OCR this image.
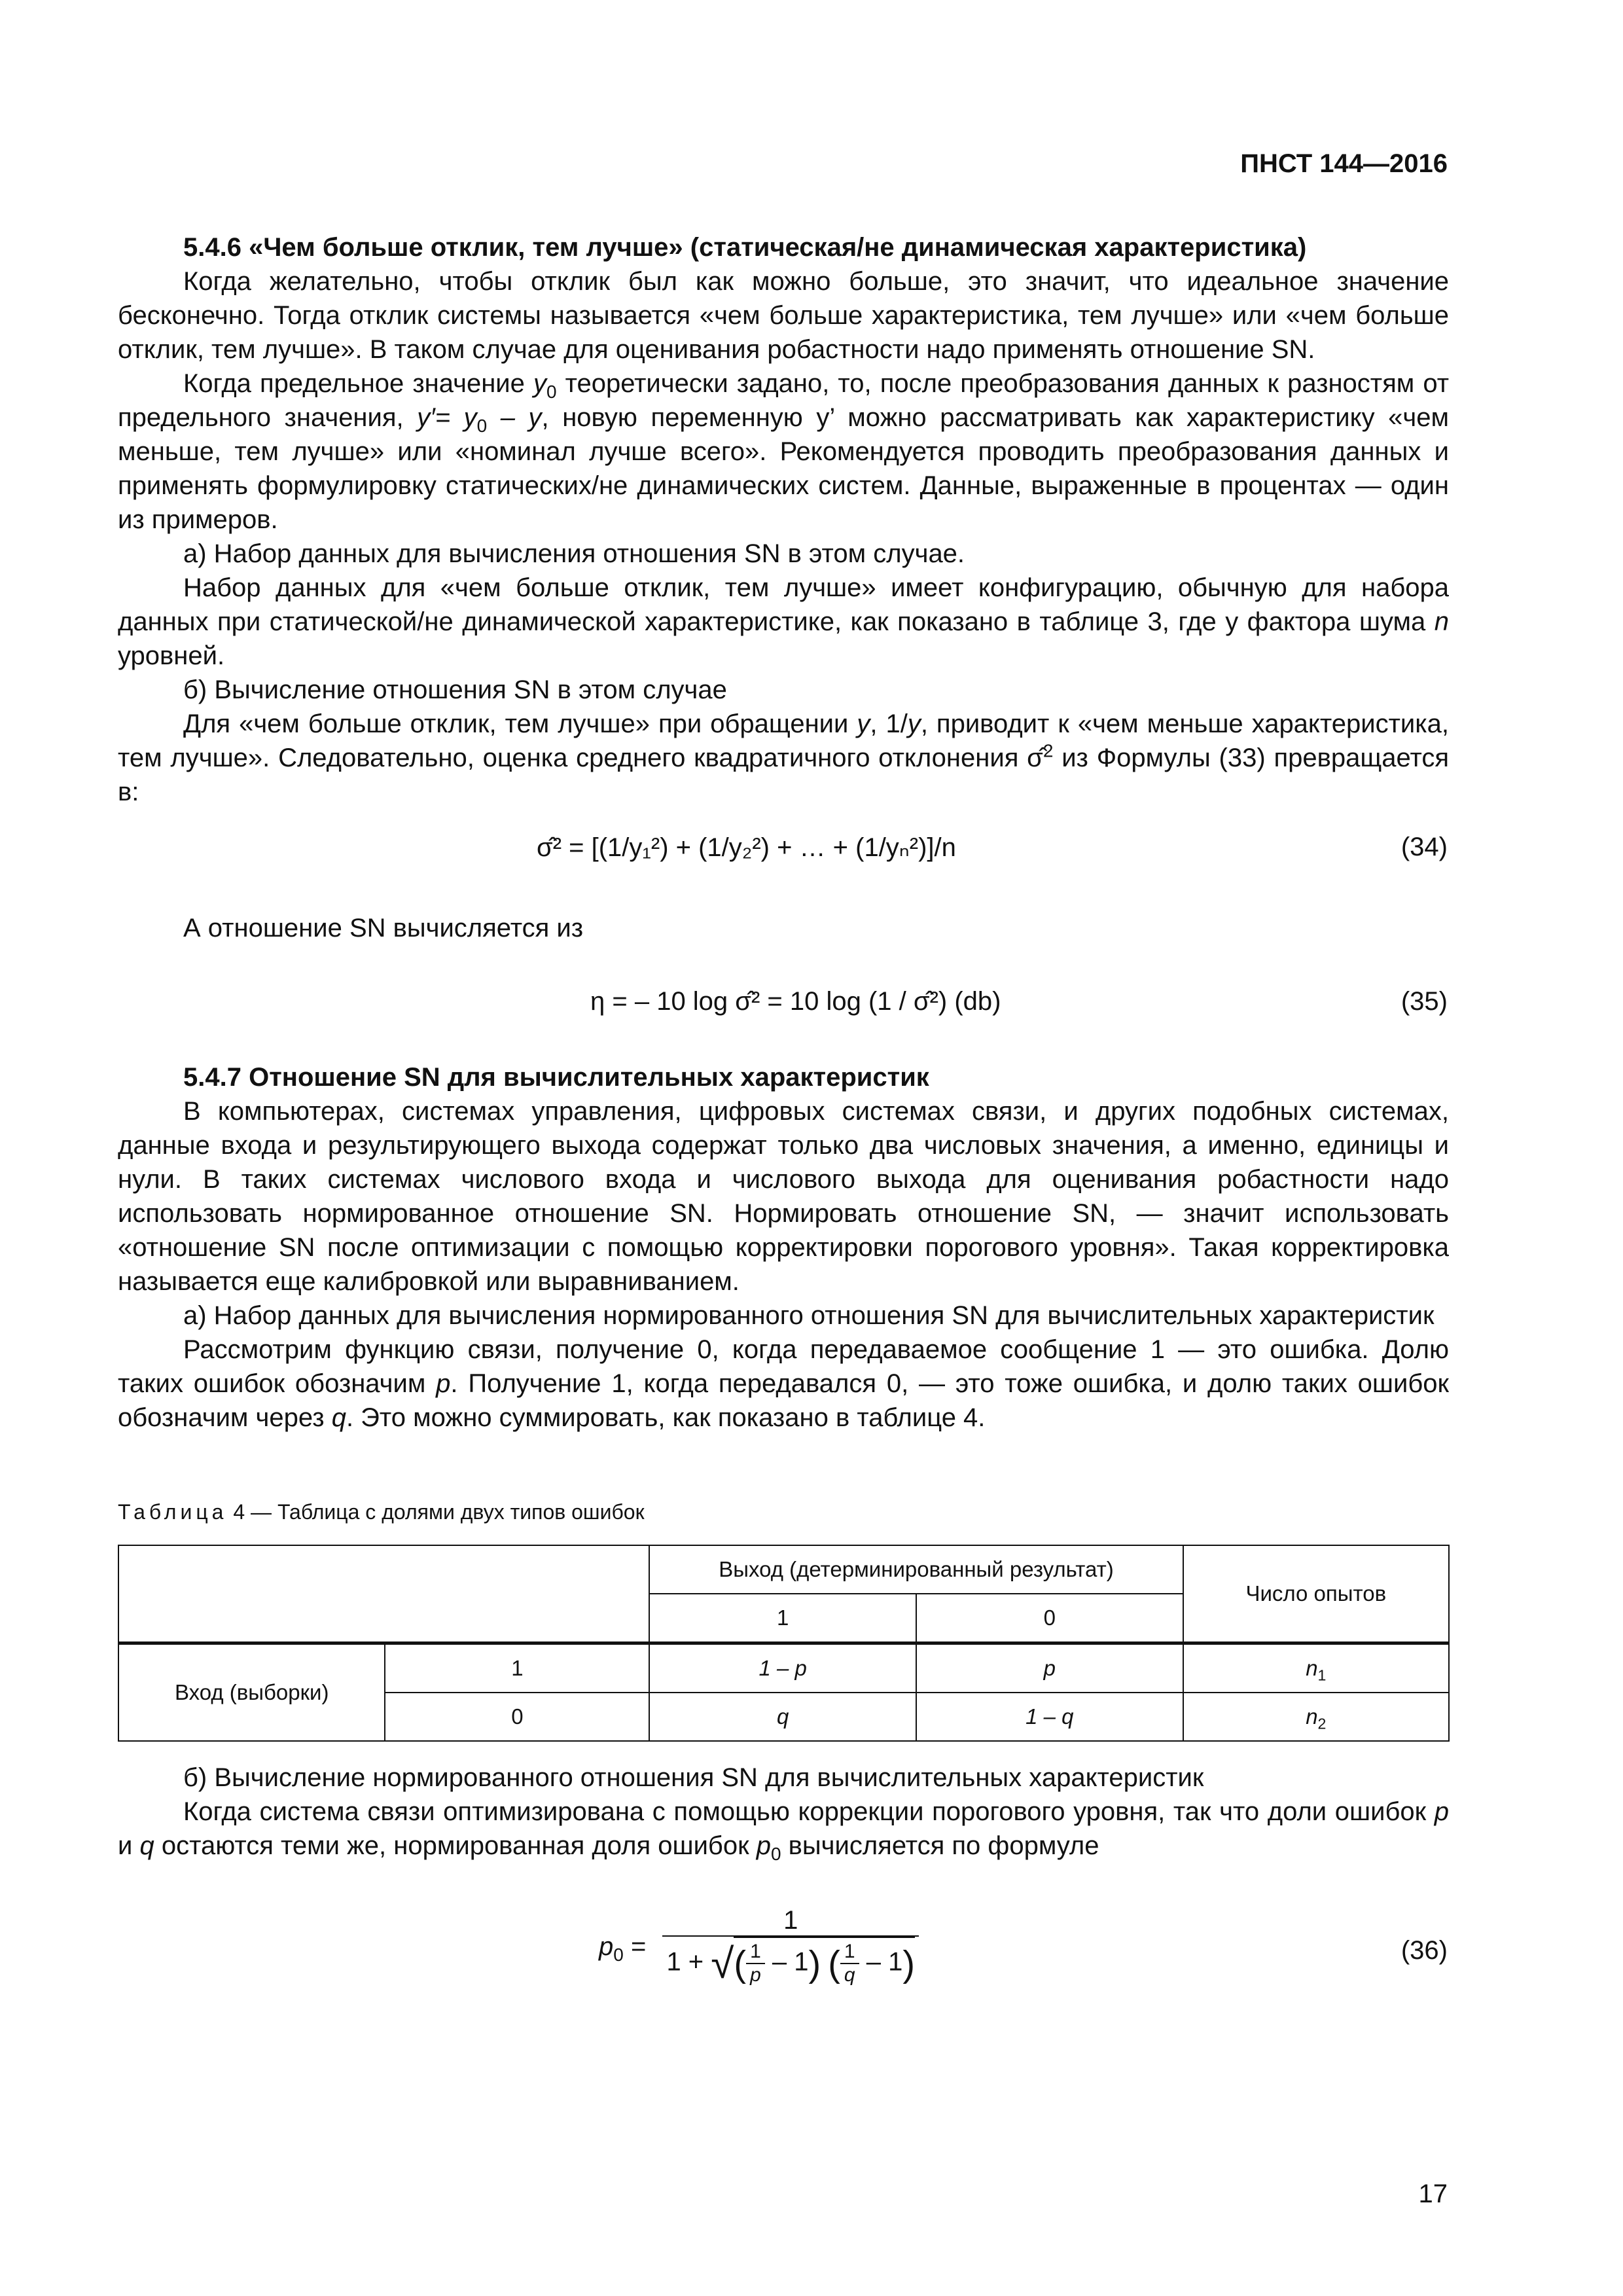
ПНСТ 144—2016

5.4.6 «Чем больше отклик, тем лучше» (статическая/не динамическая характеристика)

Когда желательно, чтобы отклик был как можно больше, это значит, что идеальное значение бесконечно. Тогда отклик системы называется «чем больше характеристика, тем лучше» или «чем больше отклик, тем лучше». В таком случае для оценивания робастности надо применять отношение SN.

Когда предельное значение $y_0$ теоретически задано, то, после преобразования данных к разностям от предельного значения, $y'= y_0 - y$, новую переменную y’ можно рассматривать как характеристику «чем меньше, тем лучше» или «номинал лучше всего». Рекомендуется проводить преобразования данных и применять формулировку статических/не динамических систем. Данные, выраженные в процентах — один из примеров.

а) Набор данных для вычисления отношения SN в этом случае.

Набор данных для «чем больше отклик, тем лучше» имеет конфигурацию, обычную для набора данных при статической/не динамической характеристике, как показано в таблице 3, где у фактора шума n уровней.

б) Вычисление отношения SN в этом случае

Для «чем больше отклик, тем лучше» при обращении y, 1/y, приводит к «чем меньше характеристика, тем лучше». Следовательно, оценка среднего квадратичного отклонения σ̂$^2$ из Формулы (33) превращается в:

σ̂² = [(1/y₁²) + (1/y₂²) + … + (1/yₙ²)]/n	(34)

А отношение SN вычисляется из

η = – 10 log σ̂² = 10 log (1 / σ̂²) (db)	(35)

5.4.7 Отношение SN для вычислительных характеристик

В компьютерах, системах управления, цифровых системах связи, и других подобных системах, данные входа и результирующего выхода содержат только два числовых значения, а именно, единицы и нули. В таких системах числового входа и числового выхода для оценивания робастности надо использовать нормированное отношение SN. Нормировать отношение SN, — значит использовать «отношение SN после оптимизации с помощью корректировки порогового уровня». Такая корректировка называется еще калибровкой или выравниванием.

а) Набор данных для вычисления нормированного отношения SN для вычислительных характеристик

Рассмотрим функцию связи, получение 0, когда передаваемое сообщение 1 — это ошибка. Долю таких ошибок обозначим p. Получение 1, когда передавался 0, — это тоже ошибка, и долю таких ошибок обозначим через q. Это можно суммировать, как показано в таблице 4.

Таблица 4 — Таблица с долями двух типов ошибок
		Выход (детерминированный результат)		Число опытов
		1	0	
Вход (выборки)	1	1 – p	p	$n_1$
	0	q	1 – q	$n_2$

б) Вычисление нормированного отношения SN для вычислительных характеристик

Когда система связи оптимизирована с помощью коррекции порогового уровня, так что доли ошибок p и q остаются теми же, нормированная доля ошибок $p_0$ вычисляется по формуле

$p_0 = \frac{1}{1 + √( \frac{1}{p} - 1) ( \frac{1}{q} - 1)}$	(36)
17
